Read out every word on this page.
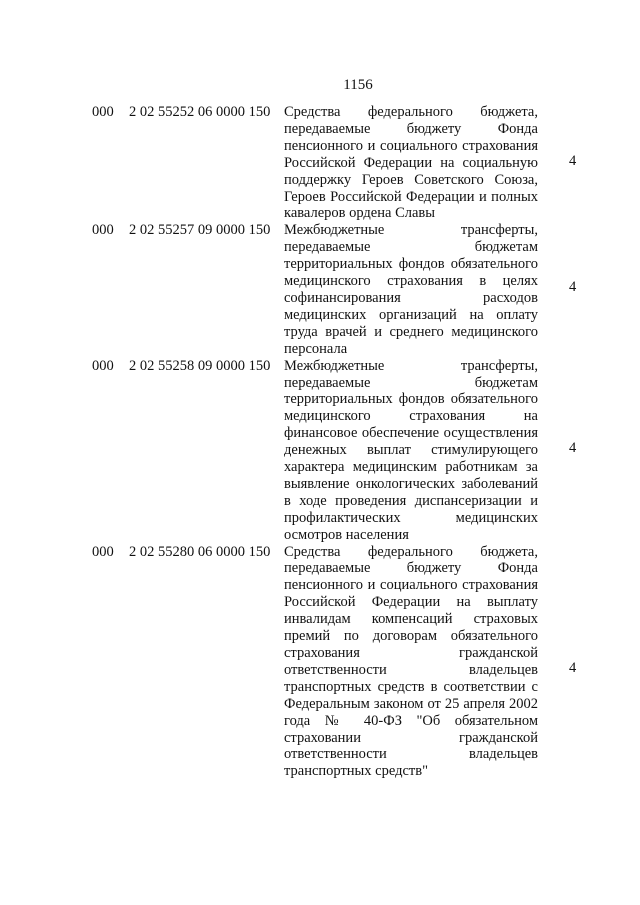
1156
000 2 02 55252 06 0000 150 Средства федерального бюджета, передаваемые бюджету Фонда пенсионного и социального страхования Российской Федерации на социальную поддержку Героев Советского Союза, Героев Российской Федерации и полных кавалеров ордена Славы
4
000 2 02 55257 09 0000 150 Межбюджетные трансферты, передаваемые бюджетам территориальных фондов обязательного медицинского страхования в целях софинансирования расходов медицинских организаций на оплату труда врачей и среднего медицинского персонала
4
000 2 02 55258 09 0000 150 Межбюджетные трансферты, передаваемые бюджетам территориальных фондов обязательного медицинского страхования на финансовое обеспечение осуществления денежных выплат стимулирующего характера медицинским работникам за выявление онкологических заболеваний в ходе проведения диспансеризации и профилактических медицинских осмотров населения
4
000 2 02 55280 06 0000 150 Средства федерального бюджета, передаваемые бюджету Фонда пенсионного и социального страхования Российской Федерации на выплату инвалидам компенсаций страховых премий по договорам обязательного страхования гражданской ответственности владельцев транспортных средств в соответствии с Федеральным законом от 25 апреля 2002 года № 40-ФЗ "Об обязательном страховании гражданской ответственности владельцев транспортных средств"
4
